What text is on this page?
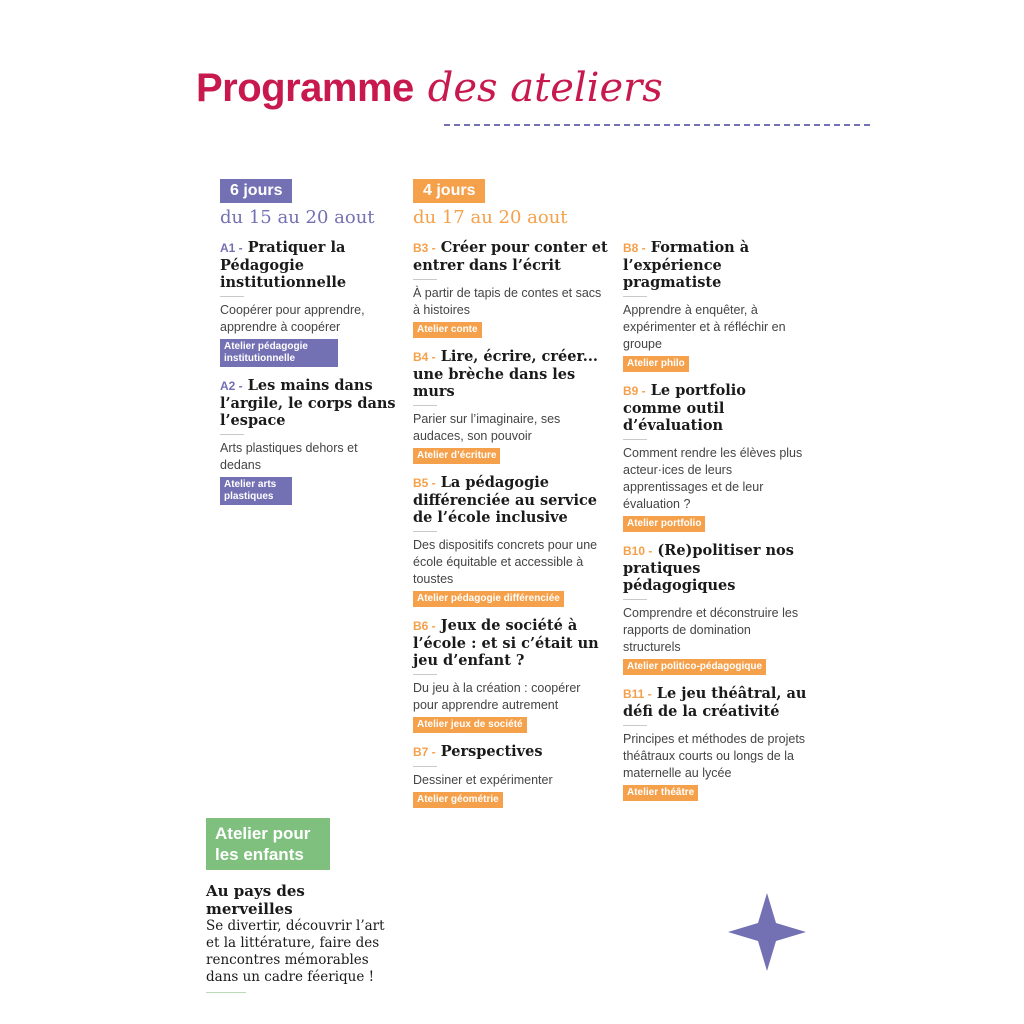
Programme des ateliers
6 jours
du 15 au 20 aout
A1 - Pratiquer la Pédagogie institutionnelle

Coopérer pour apprendre, apprendre à coopérer

Atelier pédagogie institutionnelle
A2 - Les mains dans l’argile, le corps dans l’espace

Arts plastiques dehors et dedans

Atelier arts plastiques
4 jours
du 17 au 20 aout
B3 - Créer pour conter et entrer dans l’écrit

À partir de tapis de contes et sacs à histoires

Atelier conte
B4 - Lire, écrire, créer... une brèche dans les murs

Parier sur l’imaginaire, ses audaces, son pouvoir

Atelier d’écriture
B5 - La pédagogie différenciée au service de l’école inclusive

Des dispositifs concrets pour une école équitable et accessible à toustes

Atelier pédagogie différenciée
B6 - Jeux de société à l’école : et si c’était un jeu d’enfant ?

Du jeu à la création : coopérer pour apprendre autrement

Atelier jeux de société
B7 - Perspectives

Dessiner et expérimenter

Atelier géométrie
B8 - Formation à l’expérience pragmatiste

Apprendre à enquêter, à expérimenter et à réfléchir en groupe

Atelier philo
B9 - Le portfolio comme outil d’évaluation

Comment rendre les élèves plus acteur·ices de leurs apprentissages et de leur évaluation ?

Atelier portfolio
B10 - (Re)politiser nos pratiques pédagogiques

Comprendre et déconstruire les rapports de domination structurels

Atelier politico-pédagogique
B11 - Le jeu théâtral, au défi de la créativité

Principes et méthodes de projets théâtraux courts ou longs de la maternelle au lycée

Atelier théâtre
Atelier pour les enfants
Au pays des merveilles

Se divertir, découvrir l’art et la littérature, faire des rencontres mémorables dans un cadre féerique !
